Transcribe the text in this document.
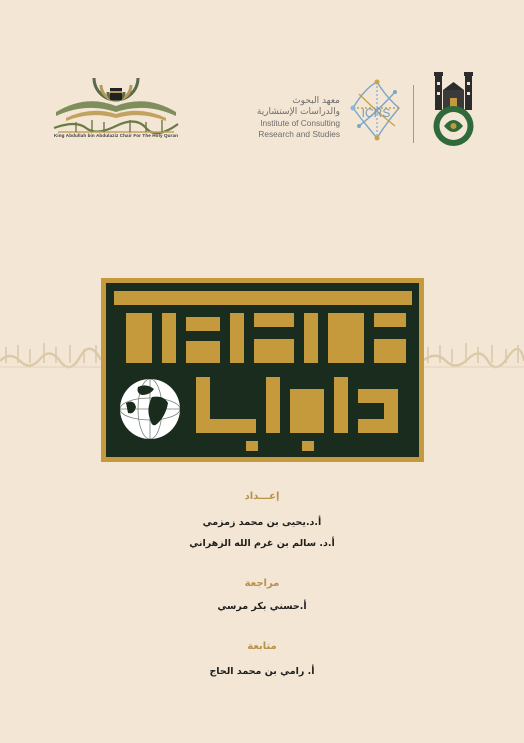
King Abdullah bin Abdulaziz Chair For The Holy Quran
معهد البحوث
والدراسات الإستشارية
Institute of Consulting
Research and Studies
ICRS
إعـــداد
أ.د.يحيى بن محمد زمزمي
أ.د. سالم بن غرم الله الزهراني
مراجعة
أ.حسني بكر مرسي
متابعة
أ. رامي بن محمد الحاج
